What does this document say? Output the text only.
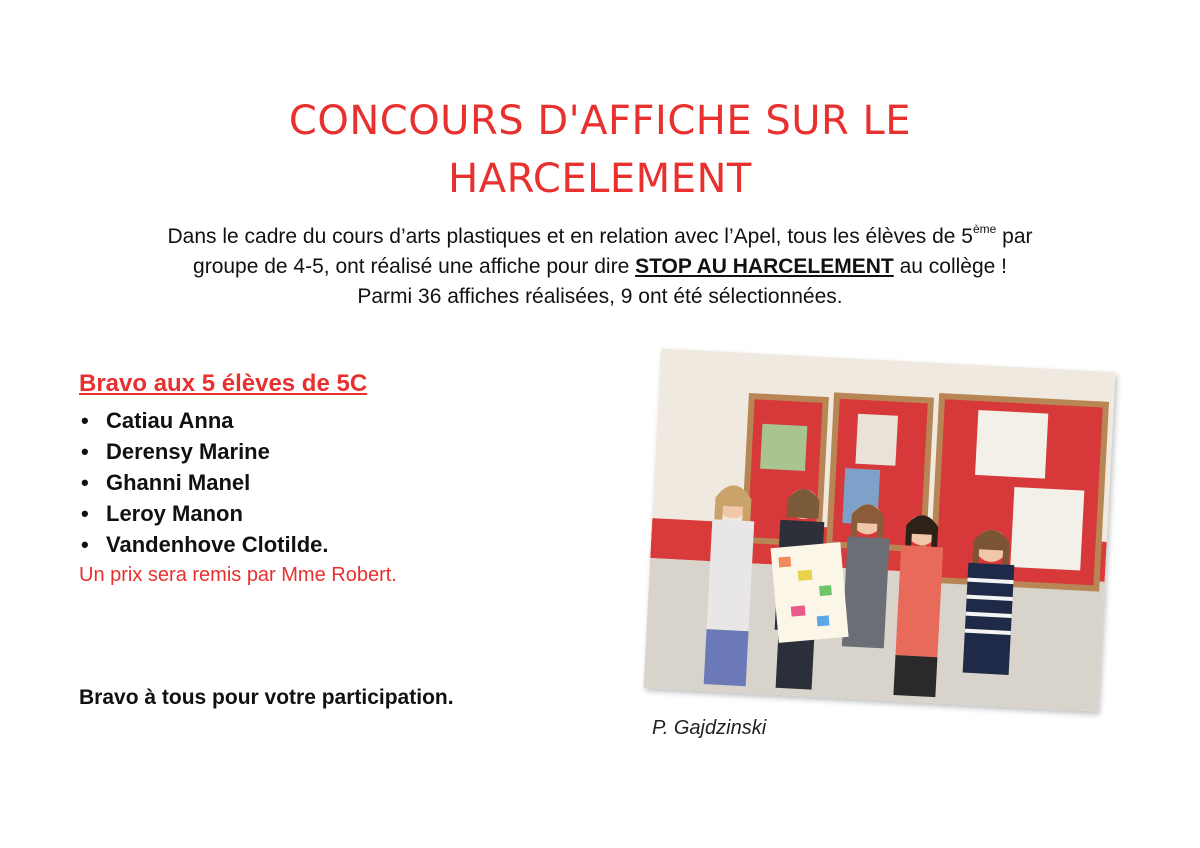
CONCOURS D'AFFICHE SUR LE
HARCELEMENT
Dans le cadre du cours d’arts plastiques et en relation avec l’Apel, tous les élèves de 5ème par
groupe de 4-5, ont réalisé une affiche pour dire STOP AU HARCELEMENT au collège !
Parmi 36 affiches réalisées, 9 ont été sélectionnées.
Bravo aux 5 élèves de 5C
• Catiau Anna
• Derensy Marine
• Ghanni Manel
• Leroy Manon
• Vandenhove Clotilde.
Un prix sera remis par Mme Robert.
Bravo à tous pour votre participation.
P. Gajdzinski
